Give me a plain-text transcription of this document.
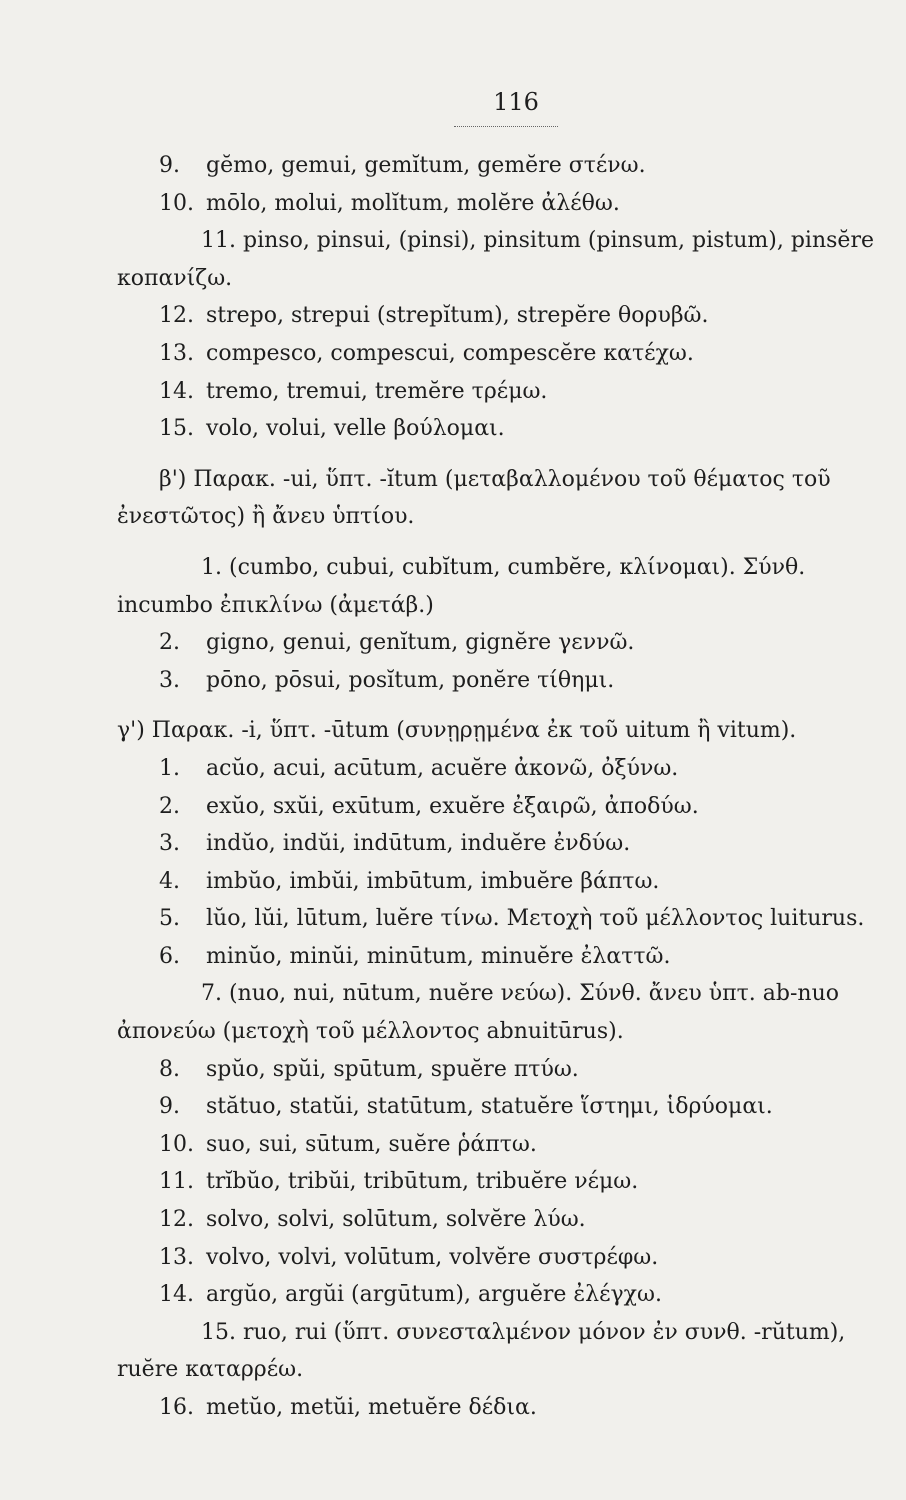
116
9. gĕmo, gemui, gemĭtum, gemĕre στένω.
10. mōlo, molui, molĭtum, molĕre ἀλέθω.
11. pinso, pinsui, (pinsi), pinsitum (pinsum, pistum), pinsĕre κοπανίζω.
12. strepo, strepui (strepĭtum), strepĕre θορυβῶ.
13. compesco, compescui, compescĕre κατέχω.
14. tremo, tremui, tremĕre τρέμω.
15. volo, volui, velle βούλομαι.
β') Παρακ. -ui, ὕπτ. -ĭtum (μεταβαλλομένου τοῦ θέματος τοῦ ἐνεστῶτος) ἢ ἄνευ ὑπτίου.
1. (cumbo, cubui, cubĭtum, cumbĕre, κλίνομαι). Σύνθ. incumbo ἐπικλίνω (ἀμετάβ.)
2. gigno, genui, genĭtum, gignĕre γεννῶ.
3. pōno, pōsui, posĭtum, ponĕre τίθημι.
γ') Παρακ. -i, ὕπτ. -ūtum (συνῃρῃμένα ἐκ τοῦ uitum ἢ vitum).
1. acŭo, acui, acūtum, acuĕre ἀκονῶ, ὀξύνω.
2. exŭo, sxŭi, exūtum, exuĕre ἐξαιρῶ, ἀποδύω.
3. indŭo, indŭi, indūtum, induĕre ἐνδύω.
4. imbŭo, imbŭi, imbūtum, imbuĕre βάπτω.
5. lŭo, lŭi, lūtum, luĕre τίνω. Μετοχὴ τοῦ μέλλοντος luiturus.
6. minŭo, minŭi, minūtum, minuĕre ἐλαττῶ.
7. (nuo, nui, nūtum, nuĕre νεύω). Σύνθ. ἄνευ ὑπτ. ab-nuo ἀπονεύω (μετοχὴ τοῦ μέλλοντος abnuitūrus).
8. spŭo, spŭi, spūtum, spuĕre πτύω.
9. stătuo, statŭi, statūtum, statuĕre ἵστημι, ἱδρύομαι.
10. suo, sui, sūtum, suĕre ῥάπτω.
11. trĭbŭo, tribŭi, tribūtum, tribuĕre νέμω.
12. solvo, solvi, solūtum, solvĕre λύω.
13. volvo, volvi, volūtum, volvĕre συστρέφω.
14. argŭo, argŭi (argūtum), arguĕre ἐλέγχω.
15. ruo, rui (ὕπτ. συνεσταλμένον μόνον ἐν συνθ. -rŭtum), ruĕre καταρρέω.
16. metŭo, metŭi, metuĕre δέδια.
